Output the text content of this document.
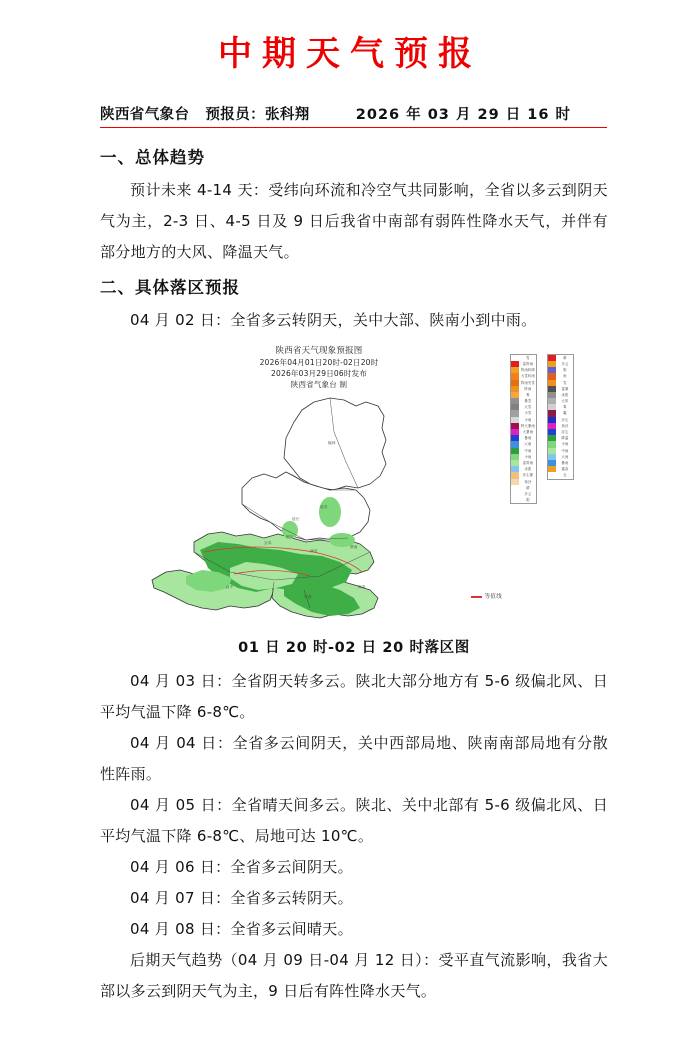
中期天气预报
陕西省气象台	预报员：张科翔	2026 年 03 月 29 日 16 时
一、总体趋势

预计未来 4-14 天：受纬向环流和冷空气共同影响，全省以多云到阴天气为主，2-3 日、4-5 日及 9 日后我省中南部有弱阵性降水天气，并伴有部分地方的大风、降温天气。

二、具体落区预报

04 月 02 日：全省多云转阴天，关中大部、陕南小到中雨。

陕西省天气现象预报图
2026年04月01日20时-02日20时
2026年03月29日06时发布
陕西省气象台 制
榆林
延安
宝鸡
西安
渭南
汉中
安康
商洛
铜川
延长
雪
雷阵雨
阵雨转晴
大雪转雨
阵雨夹雪
阵雨
雾
暴雪
大雪
小雪
小雨
特大暴雨
大暴雨
暴雨
大雨
中雨
小雨
雷阵雨
冰雹
沙尘暴
扬沙
晴
多云
阴
晴
多云
阴
雨
雪
雷暴
冰雹
大风
雾
霾
沙尘
扬沙
浮尘
降温
小雨
中雨
大雨
暴雨
霜冻
无
等值线
01 日 20 时-02 日 20 时落区图

04 月 03 日：全省阴天转多云。陕北大部分地方有 5-6 级偏北风、日平均气温下降 6-8℃。

04 月 04 日：全省多云间阴天，关中西部局地、陕南南部局地有分散性阵雨。

04 月 05 日：全省晴天间多云。陕北、关中北部有 5-6 级偏北风、日平均气温下降 6-8℃、局地可达 10℃。

04 月 06 日：全省多云间阴天。

04 月 07 日：全省多云转阴天。

04 月 08 日：全省多云间晴天。

后期天气趋势（04 月 09 日-04 月 12 日）：受平直气流影响，我省大部以多云到阴天气为主，9 日后有阵性降水天气。
